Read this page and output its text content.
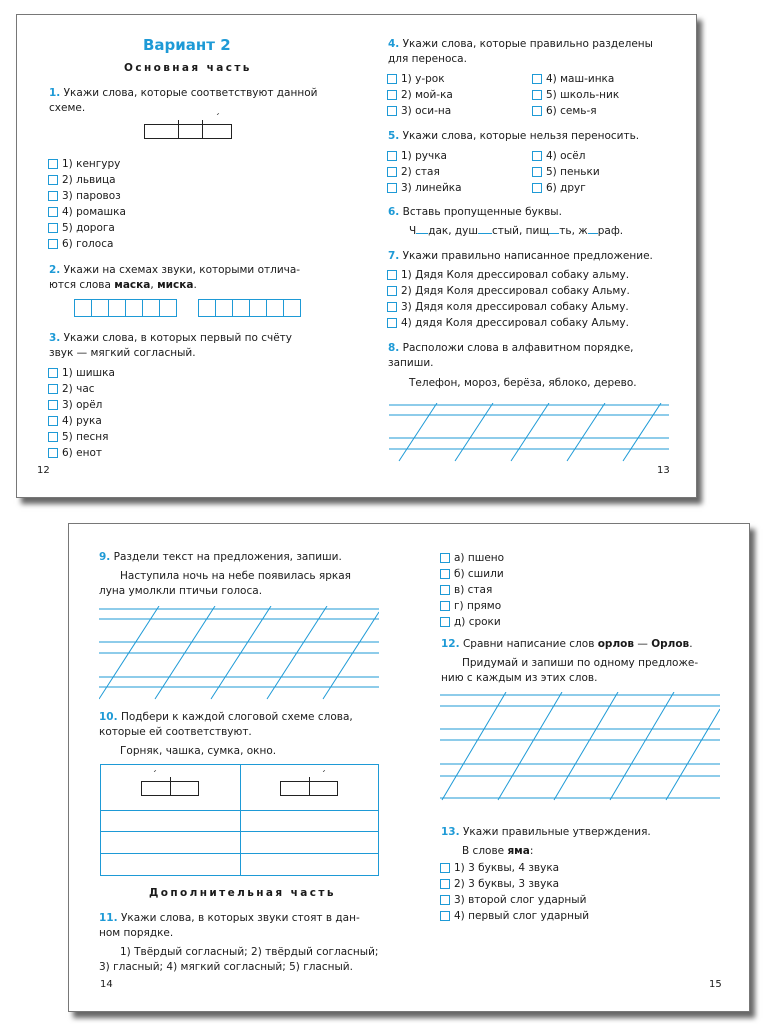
Вариант 2
Основная часть
1. Укажи слова, которые соответствуют данной
схеме.
´
1) кенгуру
2) львица
3) паровоз
4) ромашка
5) дорога
6) голоса
2. Укажи на схемах звуки, которыми отлича-
ются слова маска, миска.
3. Укажи слова, в которых первый по счёту
звук — мягкий согласный.
1) шишка
2) час
3) орёл
4) рука
5) песня
6) енот
12
4. Укажи слова, которые правильно разделены
для переноса.
1) у-рок
2) мой-ка
3) оси-на
4) маш-инка
5) школь-ник
6) семь-я
5. Укажи слова, которые нельзя переносить.
1) ручка
2) стая
3) линейка
4) осёл
5) пеньки
6) друг
6. Вставь пропущенные буквы.
Ч дак, душ стый, пищ ть, ж раф.
7. Укажи правильно написанное предложение.
1) Дядя Коля дрессировал собаку альму.
2) Дядя Коля дрессировал собаку Альму.
3) Дядя коля дрессировал собаку Альму.
4) дядя Коля дрессировал собаку Альму.
8. Расположи слова в алфавитном порядке,
запиши.
Телефон, мороз, берёза, яблоко, дерево.
13
9. Раздели текст на предложения, запиши.
Наступила ночь на небе появилась яркая
луна умолкли птичьи голоса.
10. Подбери к каждой слоговой схеме слова,
которые ей соответствуют.
Горняк, чашка, сумка, окно.
´	´
Дополнительная часть
11. Укажи слова, в которых звуки стоят в дан-
ном порядке.
1) Твёрдый согласный; 2) твёрдый согласный;
3) гласный; 4) мягкий согласный; 5) гласный.
14
а) пшено
б) сшили
в) стая
г) прямо
д) сроки
12. Сравни написание слов орлов — Орлов.
Придумай и запиши по одному предложе-
нию с каждым из этих слов.
13. Укажи правильные утверждения.
В слове яма:
1) 3 буквы, 4 звука
2) 3 буквы, 3 звука
3) второй слог ударный
4) первый слог ударный
15
